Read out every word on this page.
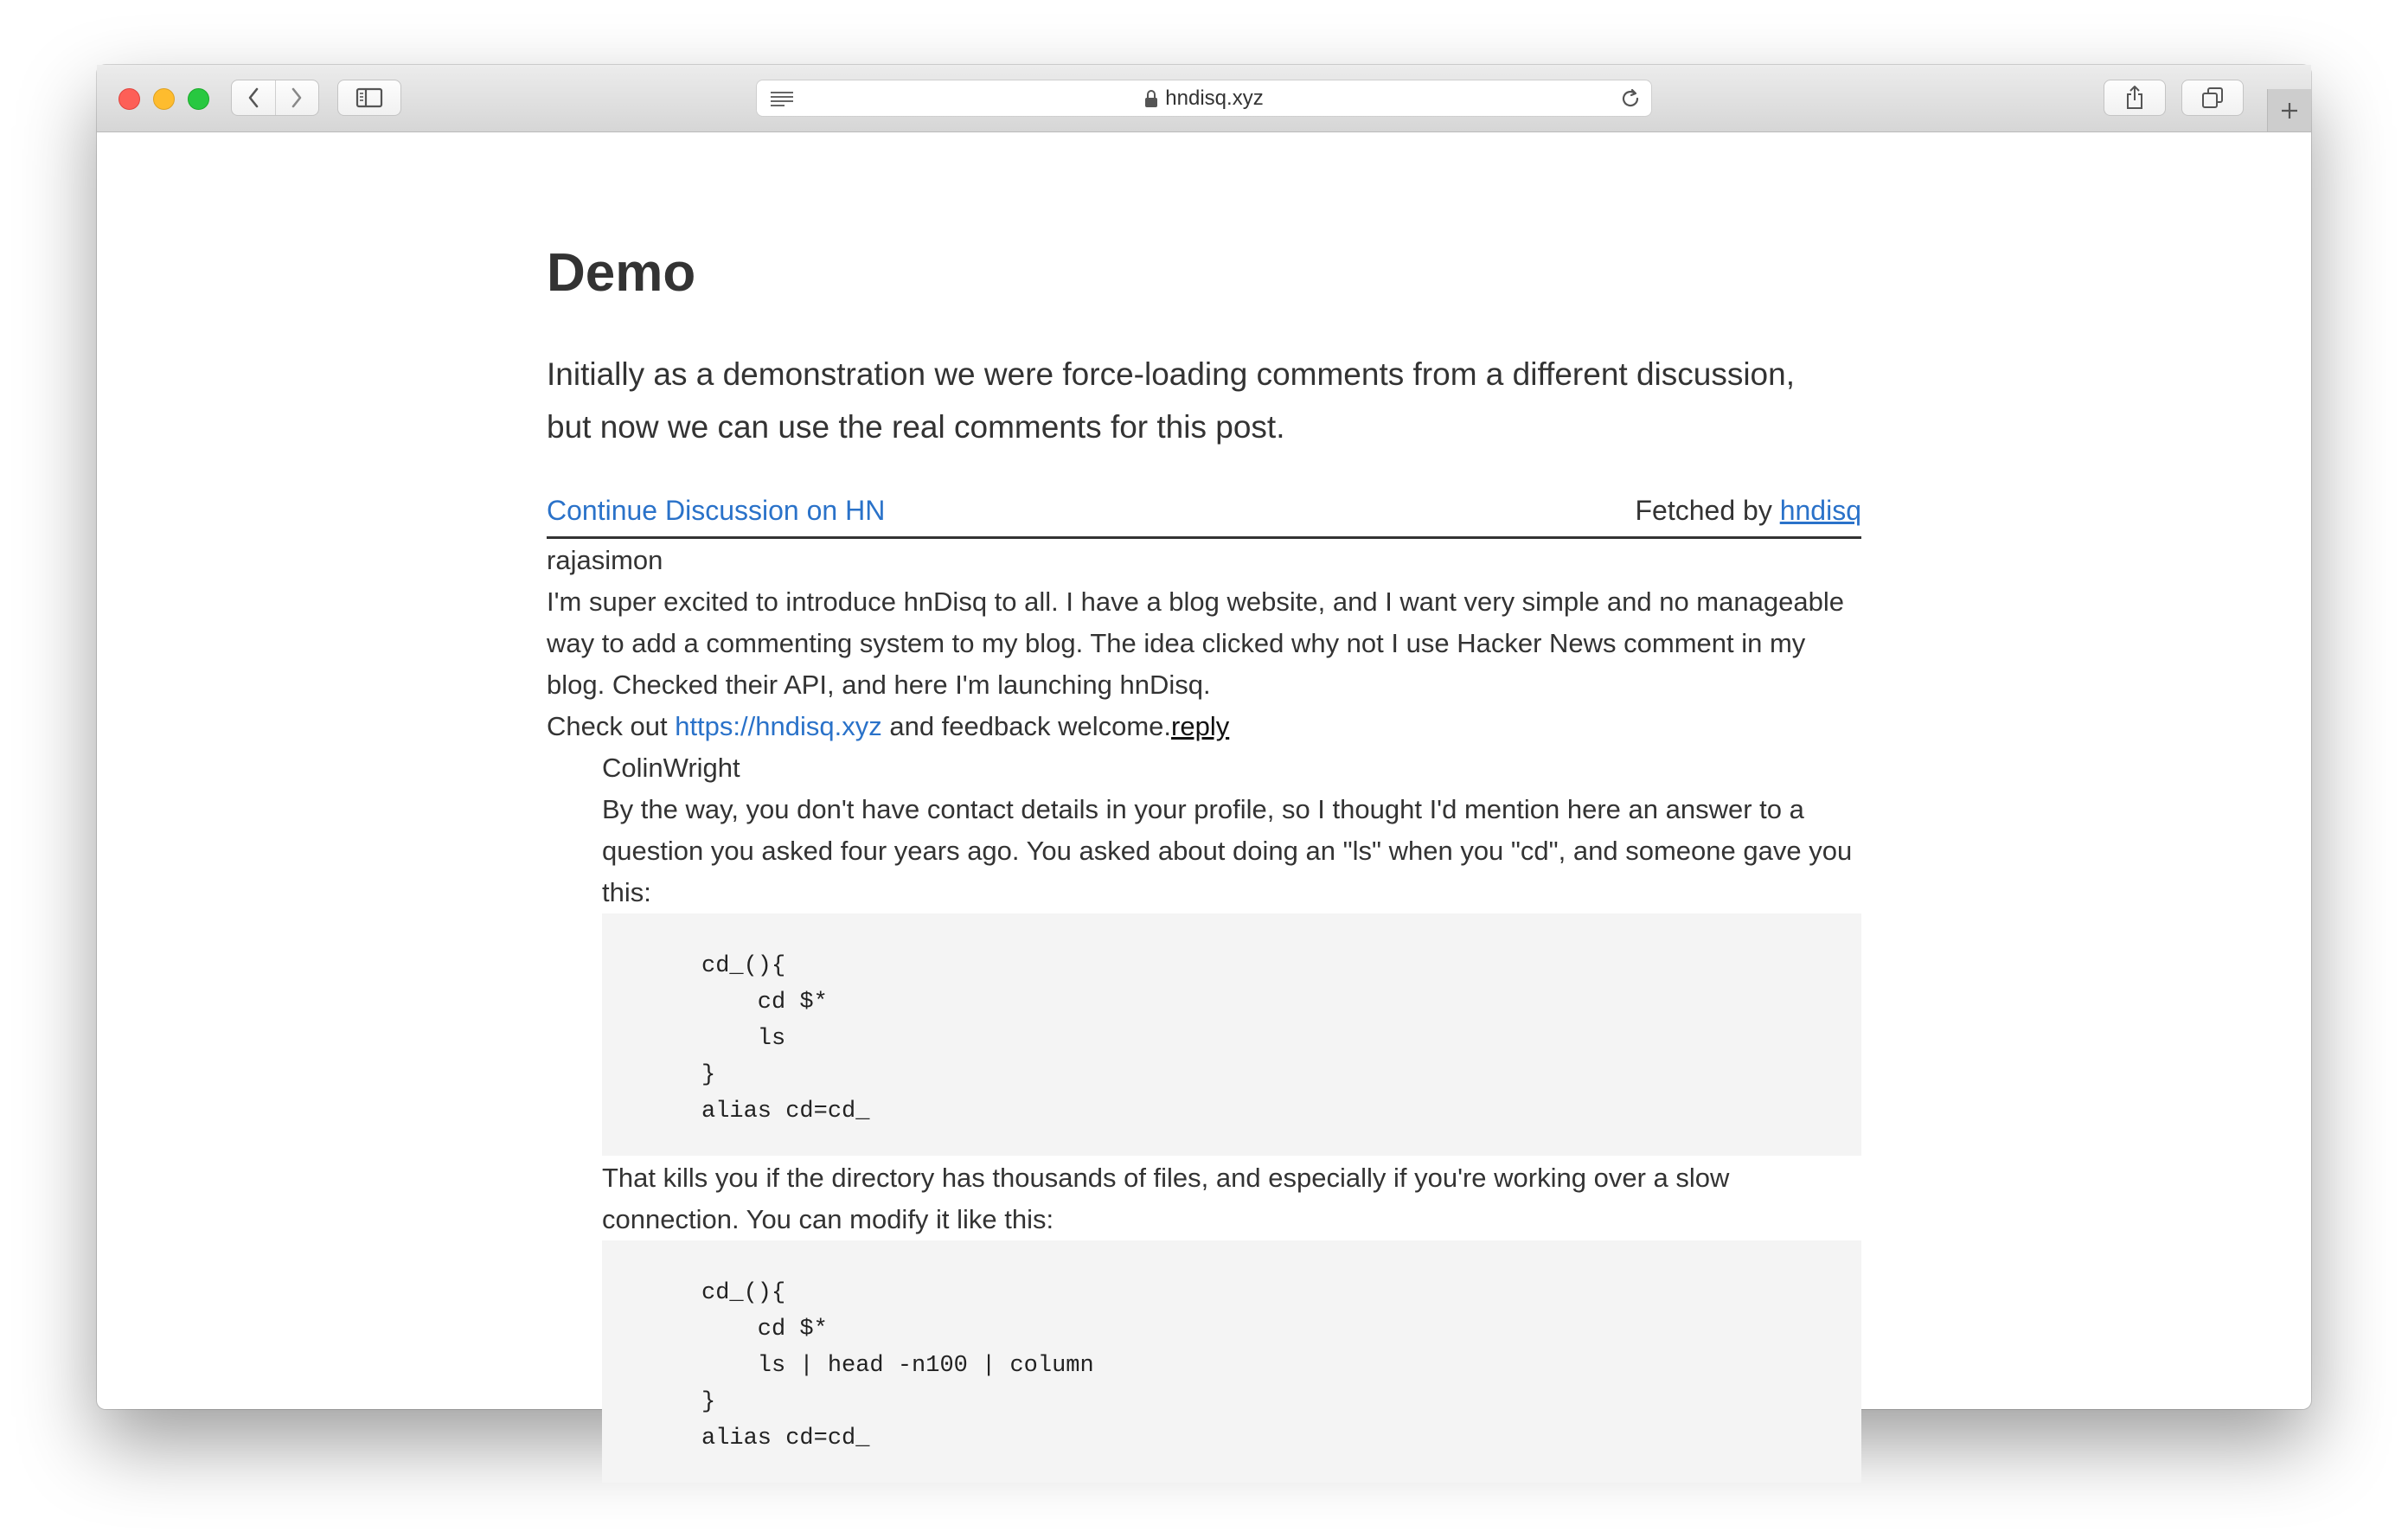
hndisq.xyz
Demo

Initially as a demonstration we were force-loading comments from a different discussion, but now we can use the real comments for this post.

Continue Discussion on HN	Fetched by hndisq
rajasimon

I'm super excited to introduce hnDisq to all. I have a blog website, and I want very simple and no manageable way to add a commenting system to my blog. The idea clicked why not I use Hacker News comment in my blog. Checked their API, and here I'm launching hnDisq.

Check out https://hndisq.xyz and feedback welcome.reply

ColinWright

By the way, you don't have contact details in your profile, so I thought I'd mention here an answer to a question you asked four years ago. You asked about doing an "ls" when you "cd", and someone gave you this:

cd_(){
cd $*
ls
}
alias cd=cd_

That kills you if the directory has thousands of files, and especially if you're working over a slow connection. You can modify it like this:

cd_(){
cd $*
ls | head -n100 | column
}
alias cd=cd_
